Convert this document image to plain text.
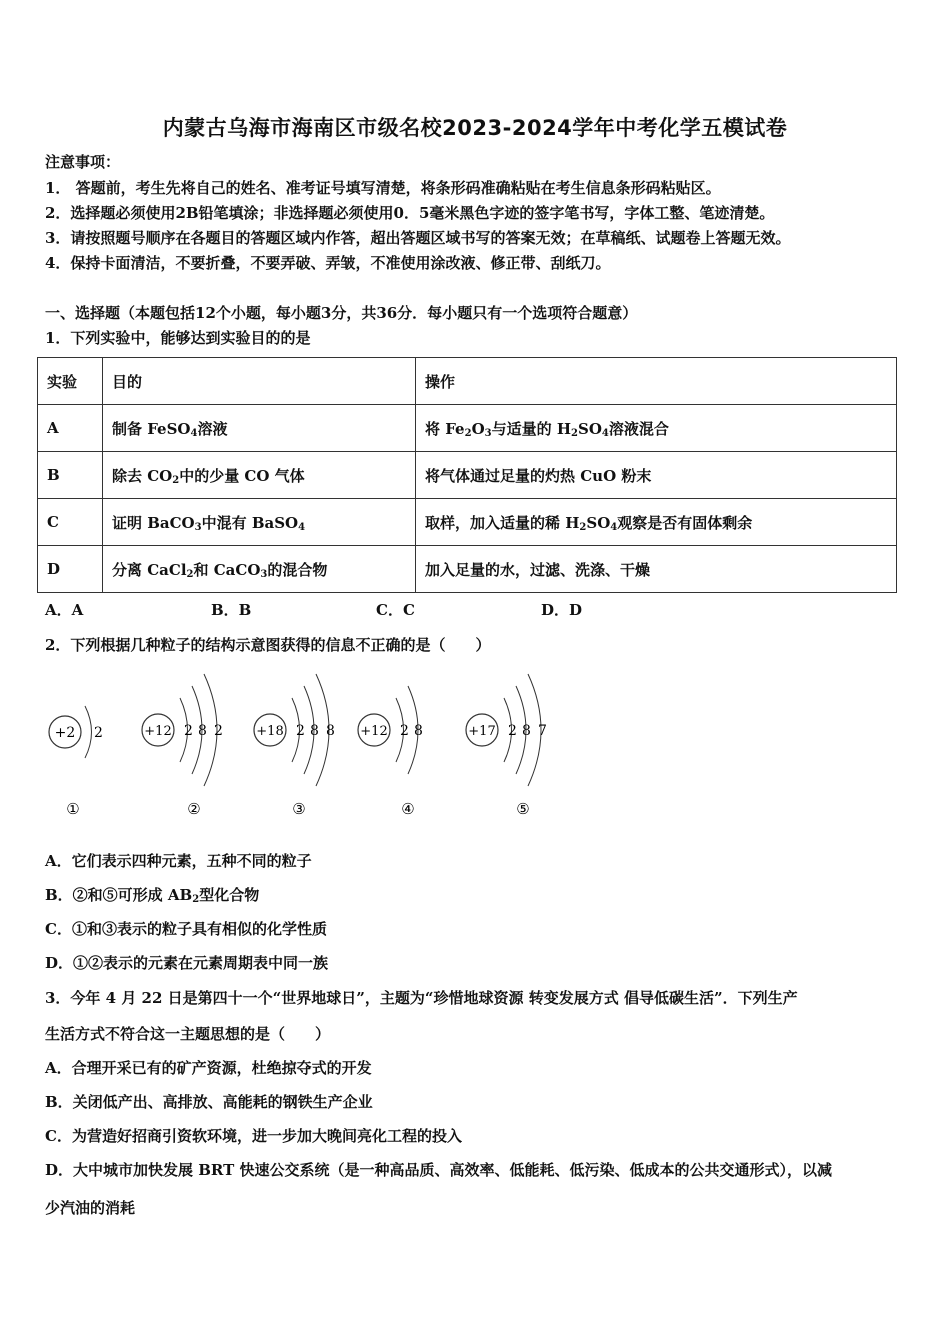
内蒙古乌海市海南区市级名校2023-2024学年中考化学五模试卷
注意事项：
1． 答题前，考生先将自己的姓名、准考证号填写清楚，将条形码准确粘贴在考生信息条形码粘贴区。
2．选择题必须使用2B铅笔填涂；非选择题必须使用0．5毫米黑色字迹的签字笔书写，字体工整、笔迹清楚。
3．请按照题号顺序在各题目的答题区域内作答，超出答题区域书写的答案无效；在草稿纸、试题卷上答题无效。
4．保持卡面清洁，不要折叠，不要弄破、弄皱，不准使用涂改液、修正带、刮纸刀。
一、选择题（本题包括12个小题，每小题3分，共36分．每小题只有一个选项符合题意）
1．下列实验中，能够达到实验目的的是
实验	目的	操作
A	制备 FeSO$_4$溶液	将 $Fe_2O_3$与适量的 $H_2SO_4$溶液混合
B	除去 $CO_2$中的少量 CO 气体	将气体通过足量的灼热 CuO 粉末
C	证明 BaCO$_3$中混有 BaSO$_4$	取样，加入适量的稀 $H_2SO_4$观察是否有固体剩余
D	分离 CaCl$_2$和 CaCO$_3$的混合物	加入足量的水，过滤、洗涤、干燥
A．A	B．B	C．C	D．D
2．下列根据几种粒子的结构示意图获得的信息不正确的是（　　）
+2 2
①
+12 2 8 2
②
+18 2 8 8
③
+12 2 8
④
+17 2 8 7
⑤
A．它们表示四种元素，五种不同的粒子
B．②和⑤可形成 $AB_2$型化合物
C．①和③表示的粒子具有相似的化学性质
D．①②表示的元素在元素周期表中同一族
3．今年 4 月 22 日是第四十一个“世界地球日”，主题为“珍惜地球资源 转变发展方式 倡导低碳生活”．下列生产
生活方式不符合这一主题思想的是（　　）
A．合理开采已有的矿产资源，杜绝掠夺式的开发
B．关闭低产出、高排放、高能耗的钢铁生产企业
C．为营造好招商引资软环境，进一步加大晚间亮化工程的投入
D．大中城市加快发展 BRT 快速公交系统（是一种高品质、高效率、低能耗、低污染、低成本的公共交通形式），以减
少汽油的消耗
